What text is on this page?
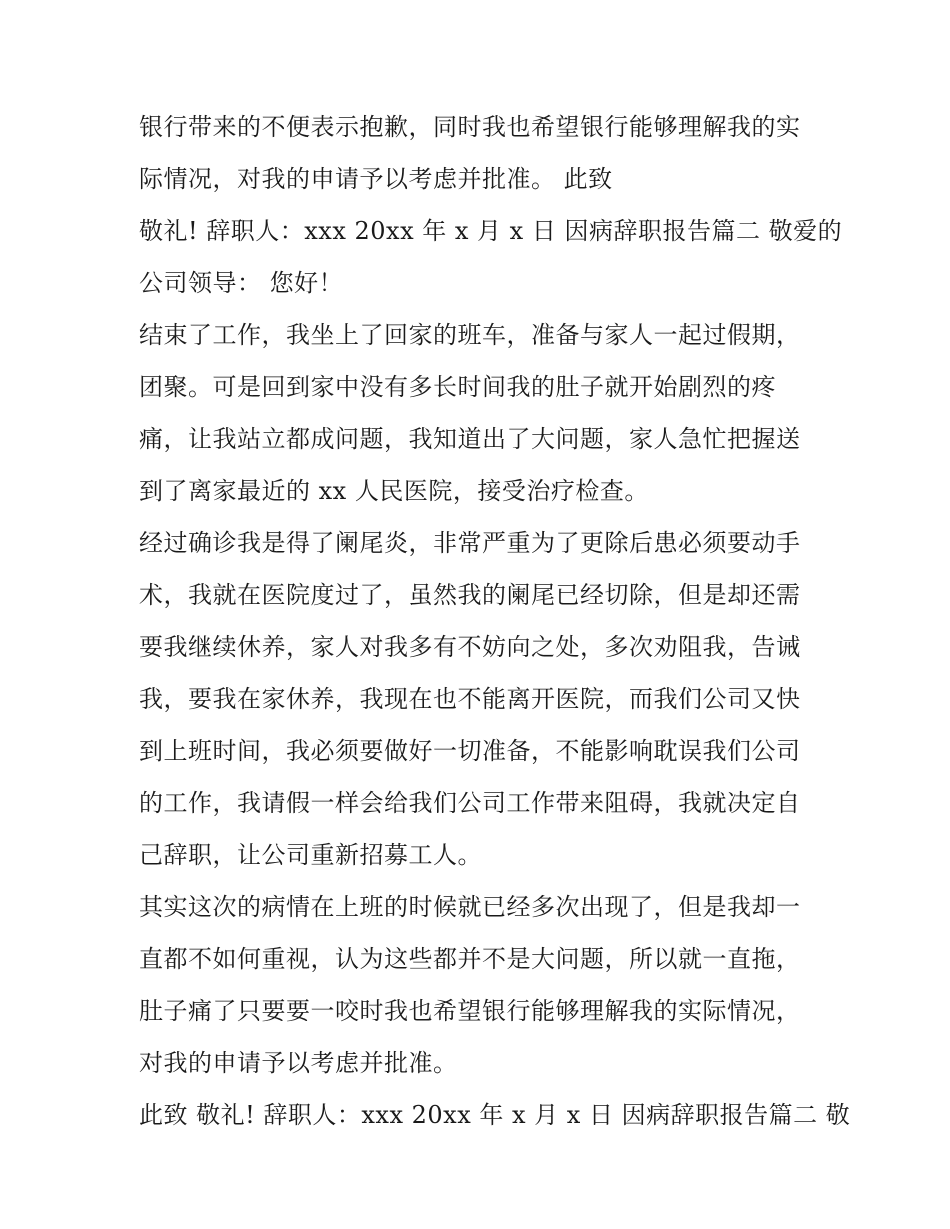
银行带来的不便表示抱歉，同时我也希望银行能够理解我的实
际情况，对我的申请予以考虑并批准。 此致
敬礼! 辞职人：xxx 20xx 年 x 月 x 日 因病辞职报告篇二 敬爱的
公司领导： 您好！
结束了工作，我坐上了回家的班车，准备与家人一起过假期，
团聚。可是回到家中没有多长时间我的肚子就开始剧烈的疼
痛，让我站立都成问题，我知道出了大问题，家人急忙把握送
到了离家最近的 xx 人民医院，接受治疗检查。
经过确诊我是得了阑尾炎，非常严重为了更除后患必须要动手
术，我就在医院度过了，虽然我的阑尾已经切除，但是却还需
要我继续休养，家人对我多有不妨向之处，多次劝阻我，告诫
我，要我在家休养，我现在也不能离开医院，而我们公司又快
到上班时间，我必须要做好一切准备，不能影响耽误我们公司
的工作，我请假一样会给我们公司工作带来阻碍，我就决定自
己辞职，让公司重新招募工人。
其实这次的病情在上班的时候就已经多次出现了，但是我却一
直都不如何重视，认为这些都并不是大问题，所以就一直拖，
肚子痛了只要要一咬时我也希望银行能够理解我的实际情况，
对我的申请予以考虑并批准。
此致 敬礼! 辞职人：xxx 20xx 年 x 月 x 日 因病辞职报告篇二 敬
